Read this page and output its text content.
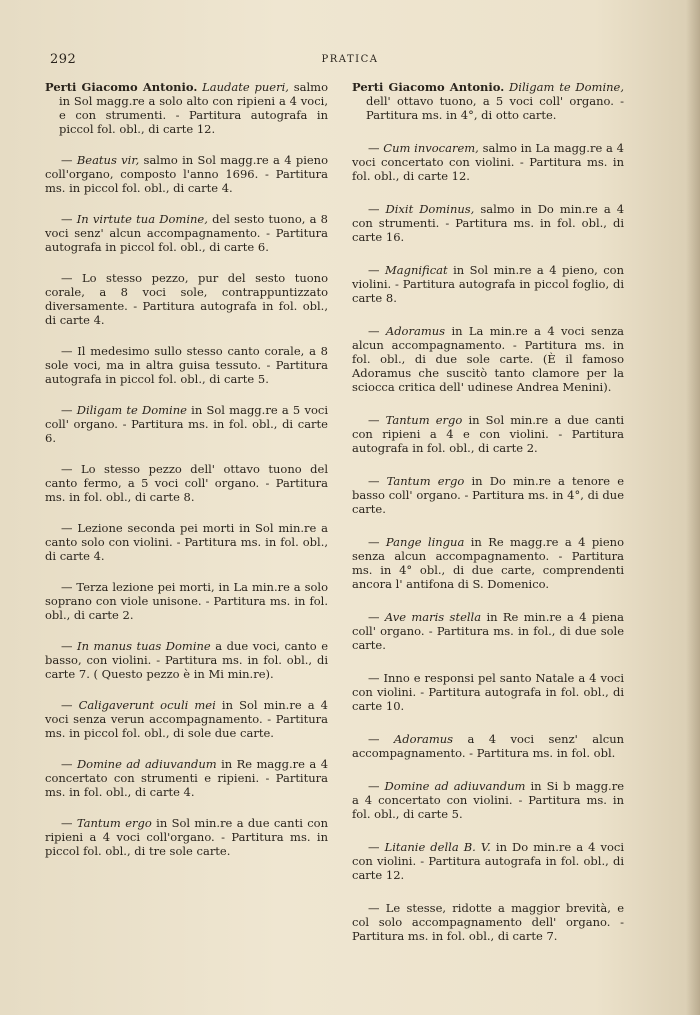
292	PRATICA
Perti Giacomo Antonio. Laudate pueri, salmo in Sol magg.re a solo alto con ripieni a 4 voci, e con strumenti. - Partitura autografa in piccol fol. obl., di carte 12.
— Beatus vir, salmo in Sol magg.re a 4 pieno coll'organo, composto l'anno 1696. - Partitura ms. in piccol fol. obl., di carte 4.
— In virtute tua Domine, del sesto tuono, a 8 voci senz' alcun accompagnamento. - Partitura autografa in piccol fol. obl., di carte 6.
— Lo stesso pezzo, pur del sesto tuono corale, a 8 voci sole, contrappuntizzato diversamente. - Partitura autografa in fol. obl., di carte 4.
— Il medesimo sullo stesso canto corale, a 8 sole voci, ma in altra guisa tessuto. - Partitura autografa in piccol fol. obl., di carte 5.
— Diligam te Domine in Sol magg.re a 5 voci coll' organo. - Partitura ms. in fol. obl., di carte 6.
— Lo stesso pezzo dell' ottavo tuono del canto fermo, a 5 voci coll' organo. - Partitura ms. in fol. obl., di carte 8.
— Lezione seconda pei morti in Sol min.re a canto solo con violini. - Partitura ms. in fol. obl., di carte 4.
— Terza lezione pei morti, in La min.re a solo soprano con viole unisone. - Partitura ms. in fol. obl., di carte 2.
— In manus tuas Domine a due voci, canto e basso, con violini. - Partitura ms. in fol. obl., di carte 7. ( Questo pezzo è in Mi min.re).
— Caligaverunt oculi mei in Sol min.re a 4 voci senza verun accompagnamento. - Partitura ms. in piccol fol. obl., di sole due carte.
— Domine ad adiuvandum in Re magg.re a 4 concertato con strumenti e ripieni. - Partitura ms. in fol. obl., di carte 4.
— Tantum ergo in Sol min.re a due canti con ripieni a 4 voci coll'organo. - Partitura ms. in piccol fol. obl., di tre sole carte.
Perti Giacomo Antonio. Diligam te Domine, dell' ottavo tuono, a 5 voci coll' organo. - Partitura ms. in 4°, di otto carte.
— Cum invocarem, salmo in La magg.re a 4 voci concertato con violini. - Partitura ms. in fol. obl., di carte 12.
— Dixit Dominus, salmo in Do min.re a 4 con strumenti. - Partitura ms. in fol. obl., di carte 16.
— Magnificat in Sol min.re a 4 pieno, con violini. - Partitura autografa in piccol foglio, di carte 8.
— Adoramus in La min.re a 4 voci senza alcun accompagnamento. - Partitura ms. in fol. obl., di due sole carte. (È il famoso Adoramus che suscitò tanto clamore per la sciocca critica dell' udinese Andrea Menini).
— Tantum ergo in Sol min.re a due canti con ripieni a 4 e con violini. - Partitura autografa in fol. obl., di carte 2.
— Tantum ergo in Do min.re a tenore e basso coll' organo. - Partitura ms. in 4°, di due carte.
— Pange lingua in Re magg.re a 4 pieno senza alcun accompagnamento. - Partitura ms. in 4° obl., di due carte, comprendenti ancora l' antifona di S. Domenico.
— Ave maris stella in Re min.re a 4 piena coll' organo. - Partitura ms. in fol., di due sole carte.
— Inno e responsi pel santo Natale a 4 voci con violini. - Partitura autografa in fol. obl., di carte 10.
— Adoramus a 4 voci senz' alcun accompagnamento. - Partitura ms. in fol. obl.
— Domine ad adiuvandum in Si b magg.re a 4 concertato con violini. - Partitura ms. in fol. obl., di carte 5.
— Litanie della B. V. in Do min.re a 4 voci con violini. - Partitura autografa in fol. obl., di carte 12.
— Le stesse, ridotte a maggior brevità, e col solo accompagnamento dell' organo. - Partitura ms. in fol. obl., di carte 7.
